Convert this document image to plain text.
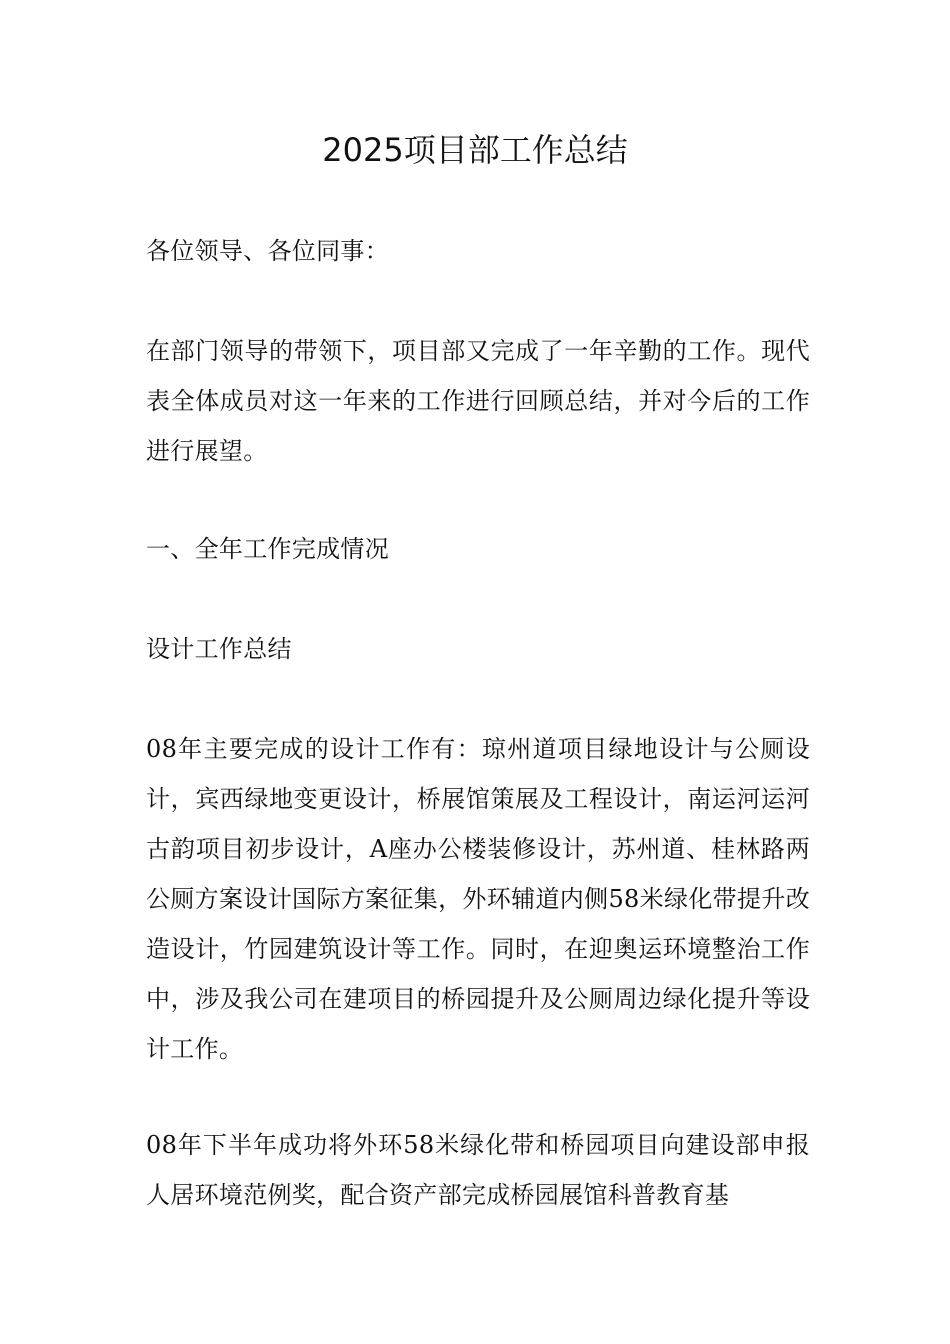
2025项目部工作总结

各位领导、各位同事：

在部门领导的带领下，项目部又完成了一年辛勤的工作。现代表全体成员对这一年来的工作进行回顾总结，并对今后的工作进行展望。

一、全年工作完成情况

设计工作总结

08年主要完成的设计工作有：琼州道项目绿地设计与公厕设计，宾西绿地变更设计，桥展馆策展及工程设计，南运河运河古韵项目初步设计，A座办公楼装修设计，苏州道、桂林路两公厕方案设计国际方案征集，外环辅道内侧58米绿化带提升改造设计，竹园建筑设计等工作。同时，在迎奥运环境整治工作中，涉及我公司在建项目的桥园提升及公厕周边绿化提升等设计工作。

08年下半年成功将外环58米绿化带和桥园项目向建设部申报人居环境范例奖，配合资产部完成桥园展馆科普教育基
